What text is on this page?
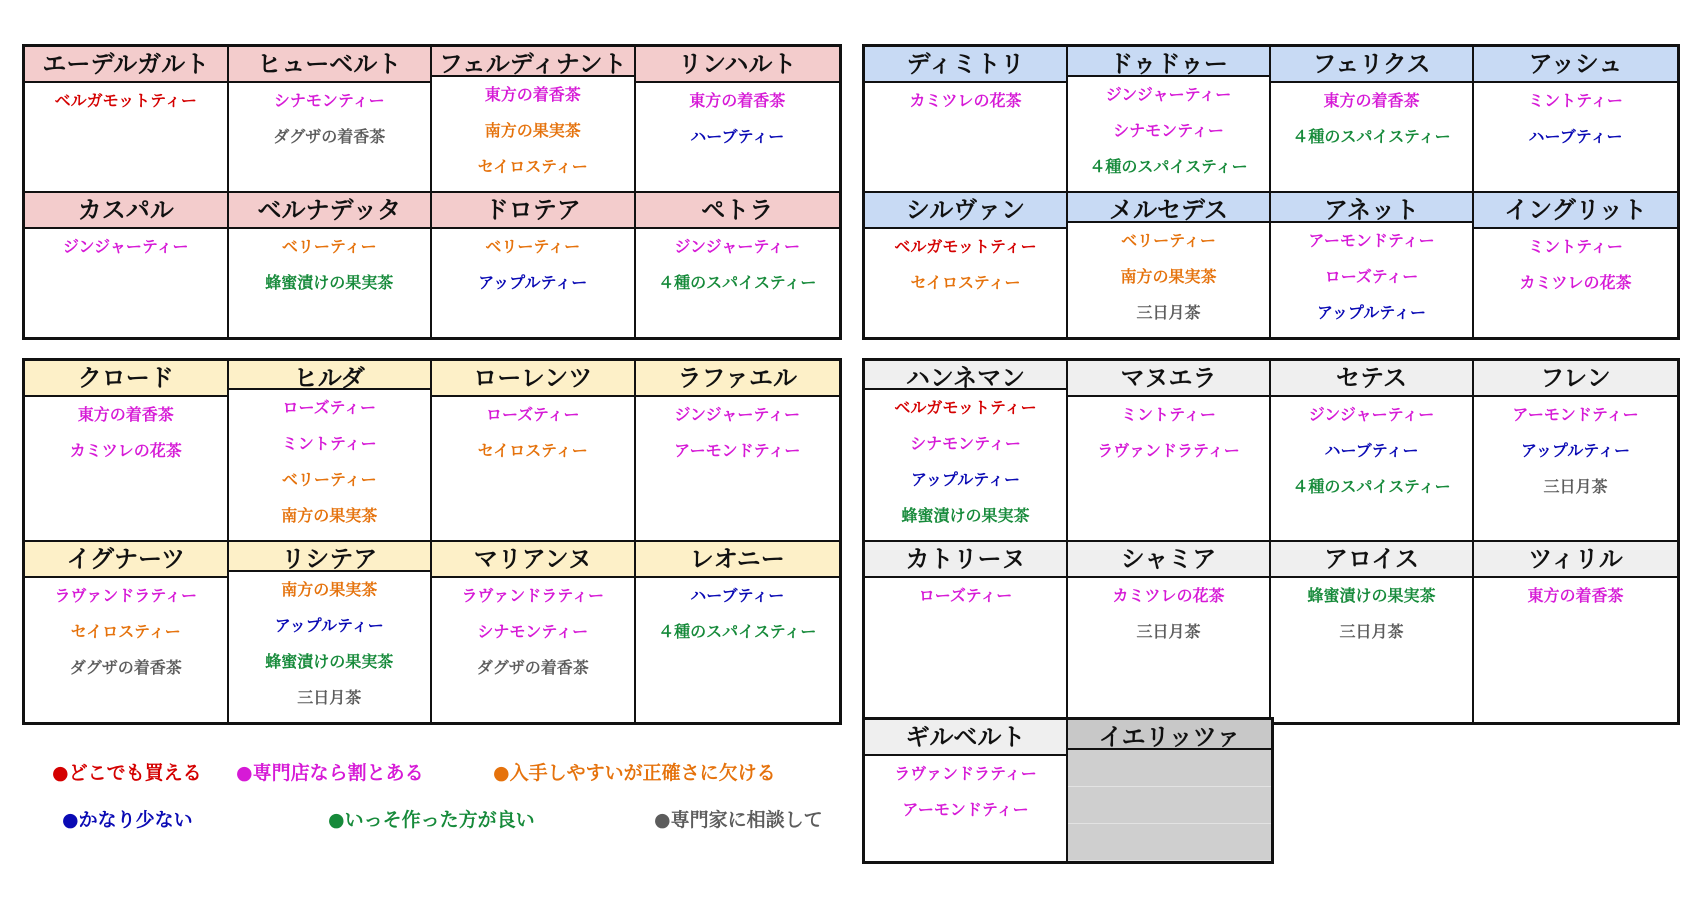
エーデルガルト
ベルガモットティー
ヒューベルト
シナモンティー
ダグザの着香茶
フェルディナント
東方の着香茶
南方の果実茶
セイロスティー
リンハルト
東方の着香茶
ハーブティー
カスパル
ジンジャーティー
ベルナデッタ
ベリーティー
蜂蜜漬けの果実茶
ドロテア
ベリーティー
アップルティー
ペトラ
ジンジャーティー
４種のスパイスティー
ディミトリ
カミツレの花茶
ドゥドゥー
ジンジャーティー
シナモンティー
４種のスパイスティー
フェリクス
東方の着香茶
４種のスパイスティー
アッシュ
ミントティー
ハーブティー
シルヴァン
ベルガモットティー
セイロスティー
メルセデス
ベリーティー
南方の果実茶
三日月茶
アネット
アーモンドティー
ローズティー
アップルティー
イングリット
ミントティー
カミツレの花茶
クロード
東方の着香茶
カミツレの花茶
ヒルダ
ローズティー
ミントティー
ベリーティー
南方の果実茶
ローレンツ
ローズティー
セイロスティー
ラファエル
ジンジャーティー
アーモンドティー
イグナーツ
ラヴァンドラティー
セイロスティー
ダグザの着香茶
リシテア
南方の果実茶
アップルティー
蜂蜜漬けの果実茶
三日月茶
マリアンヌ
ラヴァンドラティー
シナモンティー
ダグザの着香茶
レオニー
ハーブティー
４種のスパイスティー
ハンネマン
ベルガモットティー
シナモンティー
アップルティー
蜂蜜漬けの果実茶
マヌエラ
ミントティー
ラヴァンドラティー
セテス
ジンジャーティー
ハーブティー
４種のスパイスティー
フレン
アーモンドティー
アップルティー
三日月茶
カトリーヌ
ローズティー
シャミア
カミツレの花茶
三日月茶
アロイス
蜂蜜漬けの果実茶
三日月茶
ツィリル
東方の着香茶
ギルベルト
ラヴァンドラティー
アーモンドティー
イエリッツァ
●どこでも買える ●専門店なら割とある	●入手しやすいが正確さに欠ける
●かなり少ない	●いっそ作った方が良い	●専門家に相談して
